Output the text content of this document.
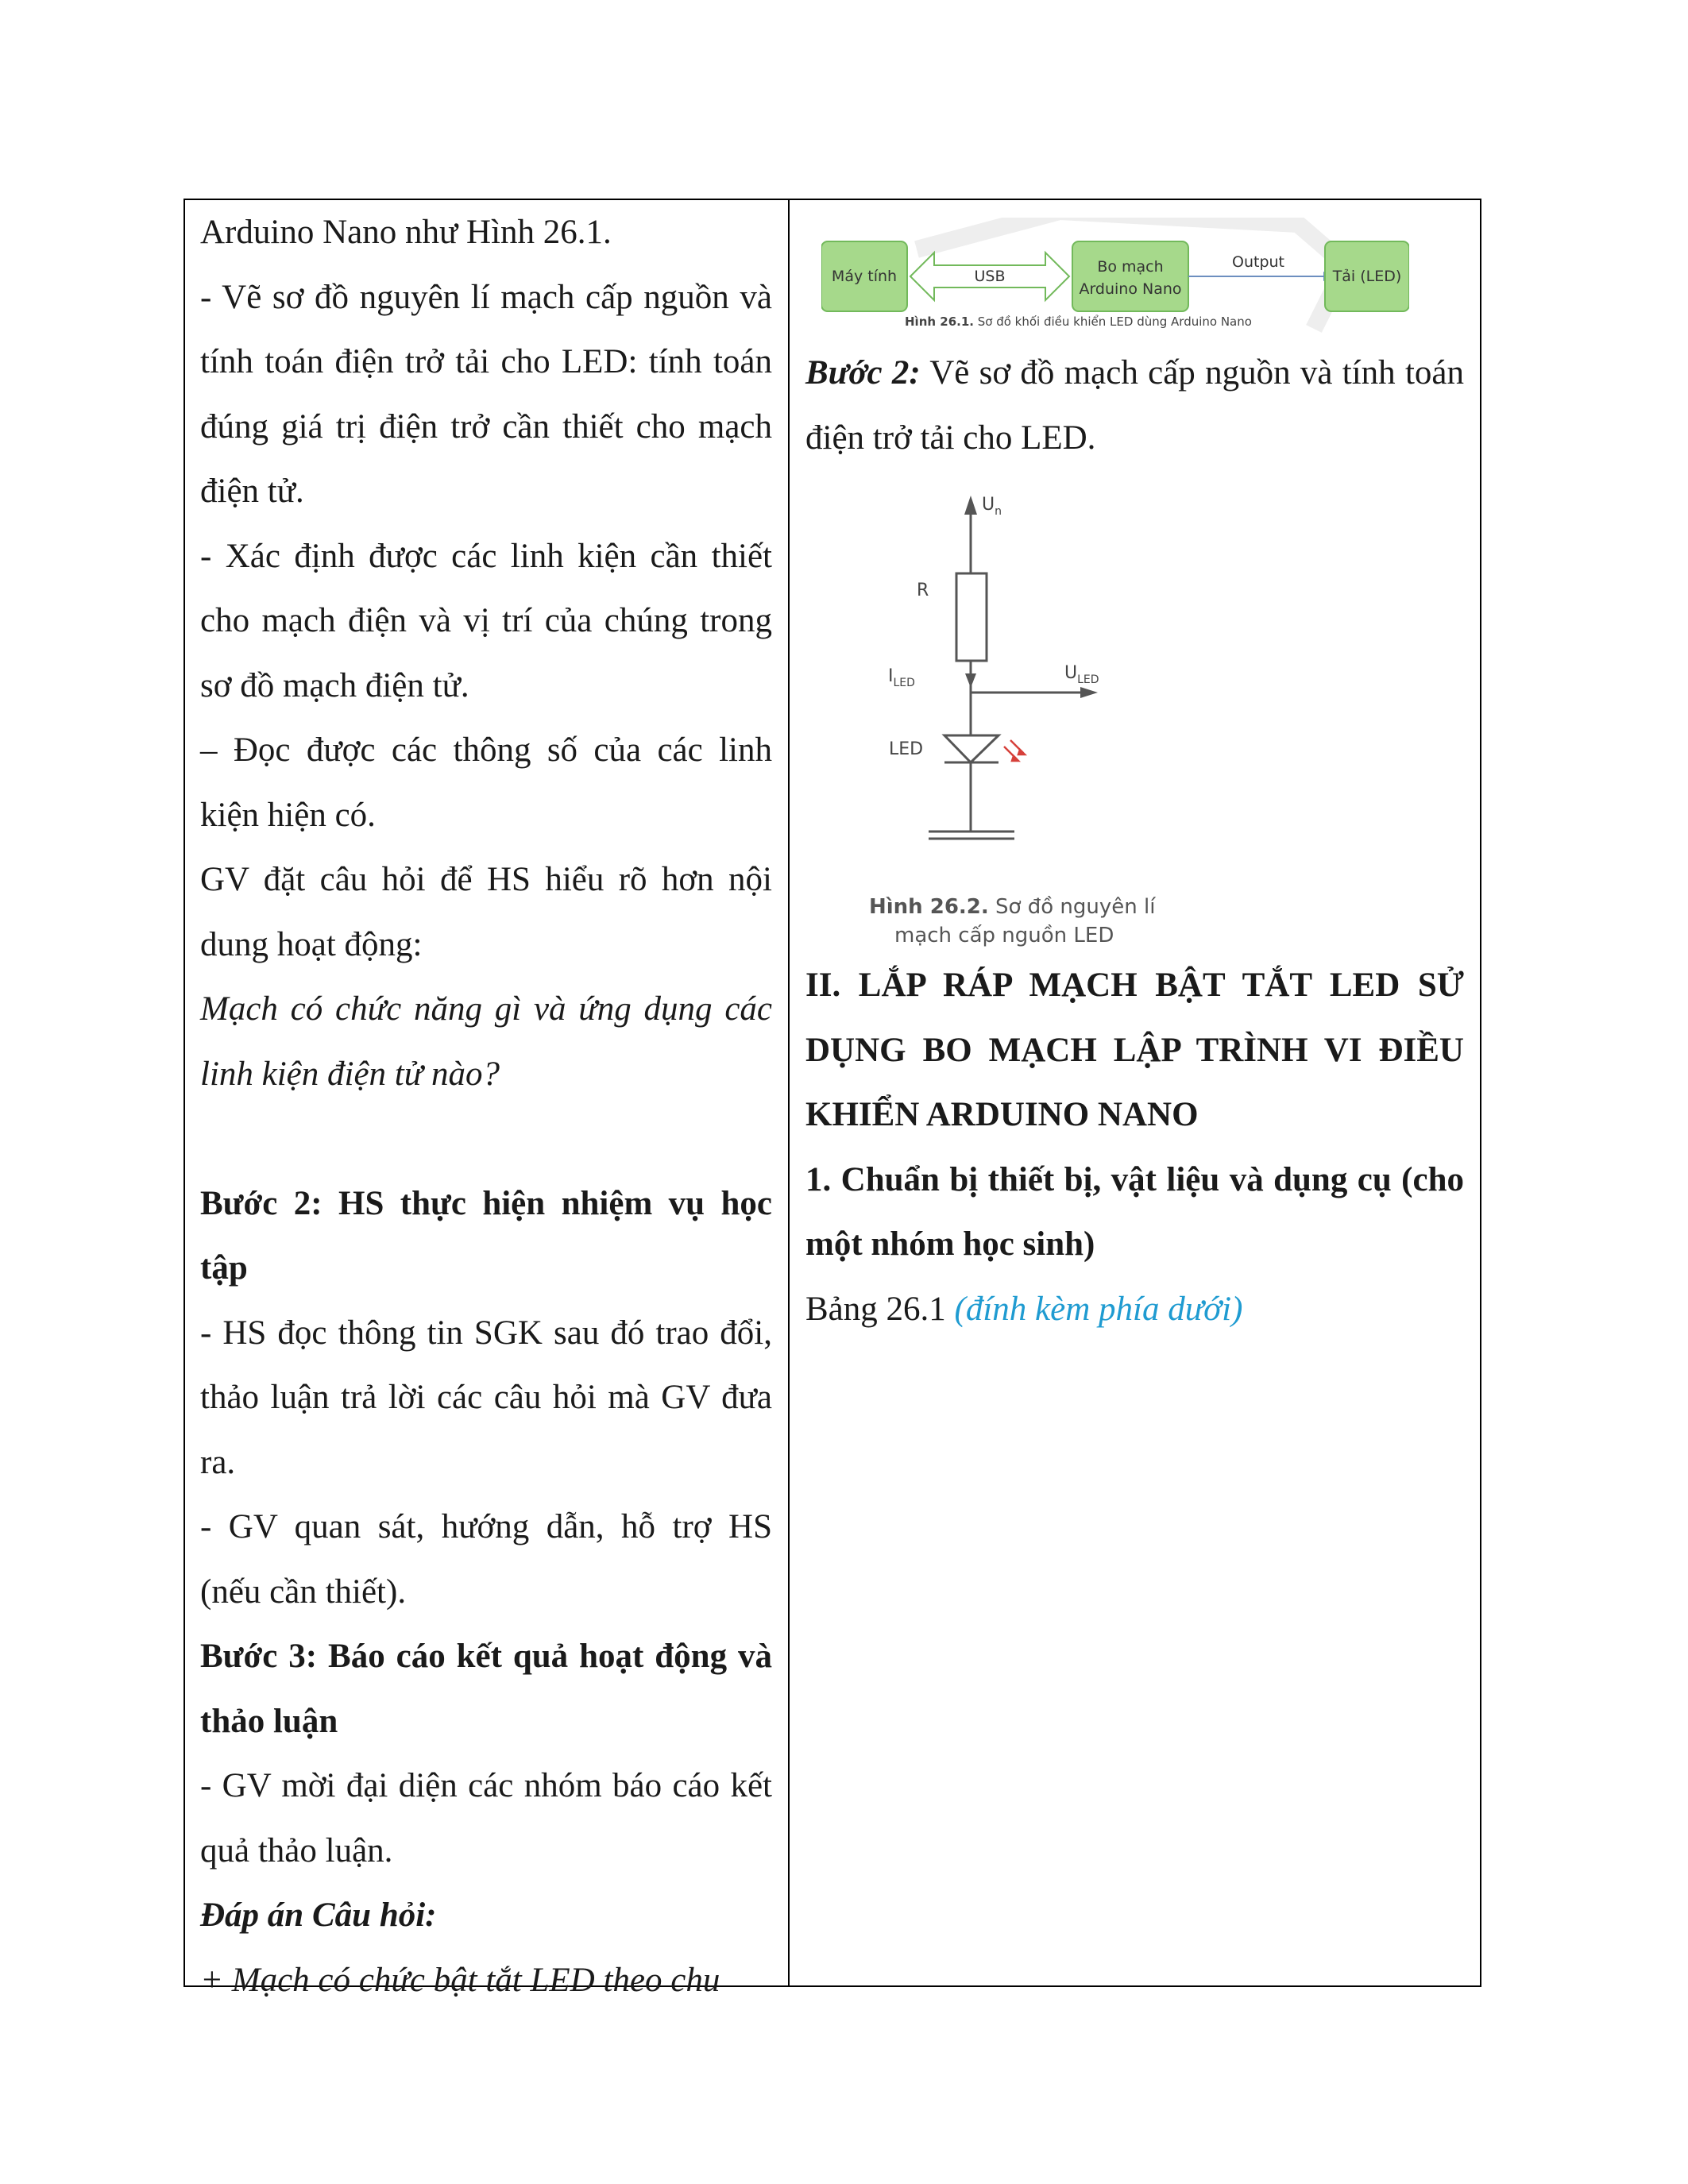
Arduino Nano như Hình 26.1.

- Vẽ sơ đồ nguyên lí mạch cấp nguồn và tính toán điện trở tải cho LED: tính toán đúng giá trị điện trở cần thiết cho mạch điện tử.

- Xác định được các linh kiện cần thiết cho mạch điện và vị trí của chúng trong sơ đồ mạch điện tử.

– Đọc được các thông số của các linh kiện hiện có.

GV đặt câu hỏi để HS hiểu rõ hơn nội dung hoạt động:

Mạch có chức năng gì và ứng dụng các linh kiện điện tử nào?

Bước 2: HS thực hiện nhiệm vụ học tập

- HS đọc thông tin SGK sau đó trao đổi, thảo luận trả lời các câu hỏi mà GV đưa ra.

- GV quan sát, hướng dẫn, hỗ trợ HS (nếu cần thiết).

Bước 3: Báo cáo kết quả hoạt động và thảo luận

- GV mời đại diện các nhóm báo cáo kết quả thảo luận.

Đáp án Câu hỏi:

+ Mạch có chức bật tắt LED theo chu

Máy tính	USB
Bo mạch
Arduino Nano
Output
Tải (LED)
Hình 26.1. Sơ đồ khối điều khiển LED dùng Arduino Nano

Bước 2: Vẽ sơ đồ mạch cấp nguồn và tính toán điện trở tải cho LED.

$U_n$
R
$I_{LED}$	$U_{LED}$
LED
Hình 26.2. Sơ đồ nguyên lí
mạch cấp nguồn LED

II. LẮP RÁP MẠCH BẬT TẮT LED SỬ DỤNG BO MẠCH LẬP TRÌNH VI ĐIỀU KHIỂN ARDUINO NANO

1. Chuẩn bị thiết bị, vật liệu và dụng cụ (cho một nhóm học sinh)

Bảng 26.1 (đính kèm phía dưới)
